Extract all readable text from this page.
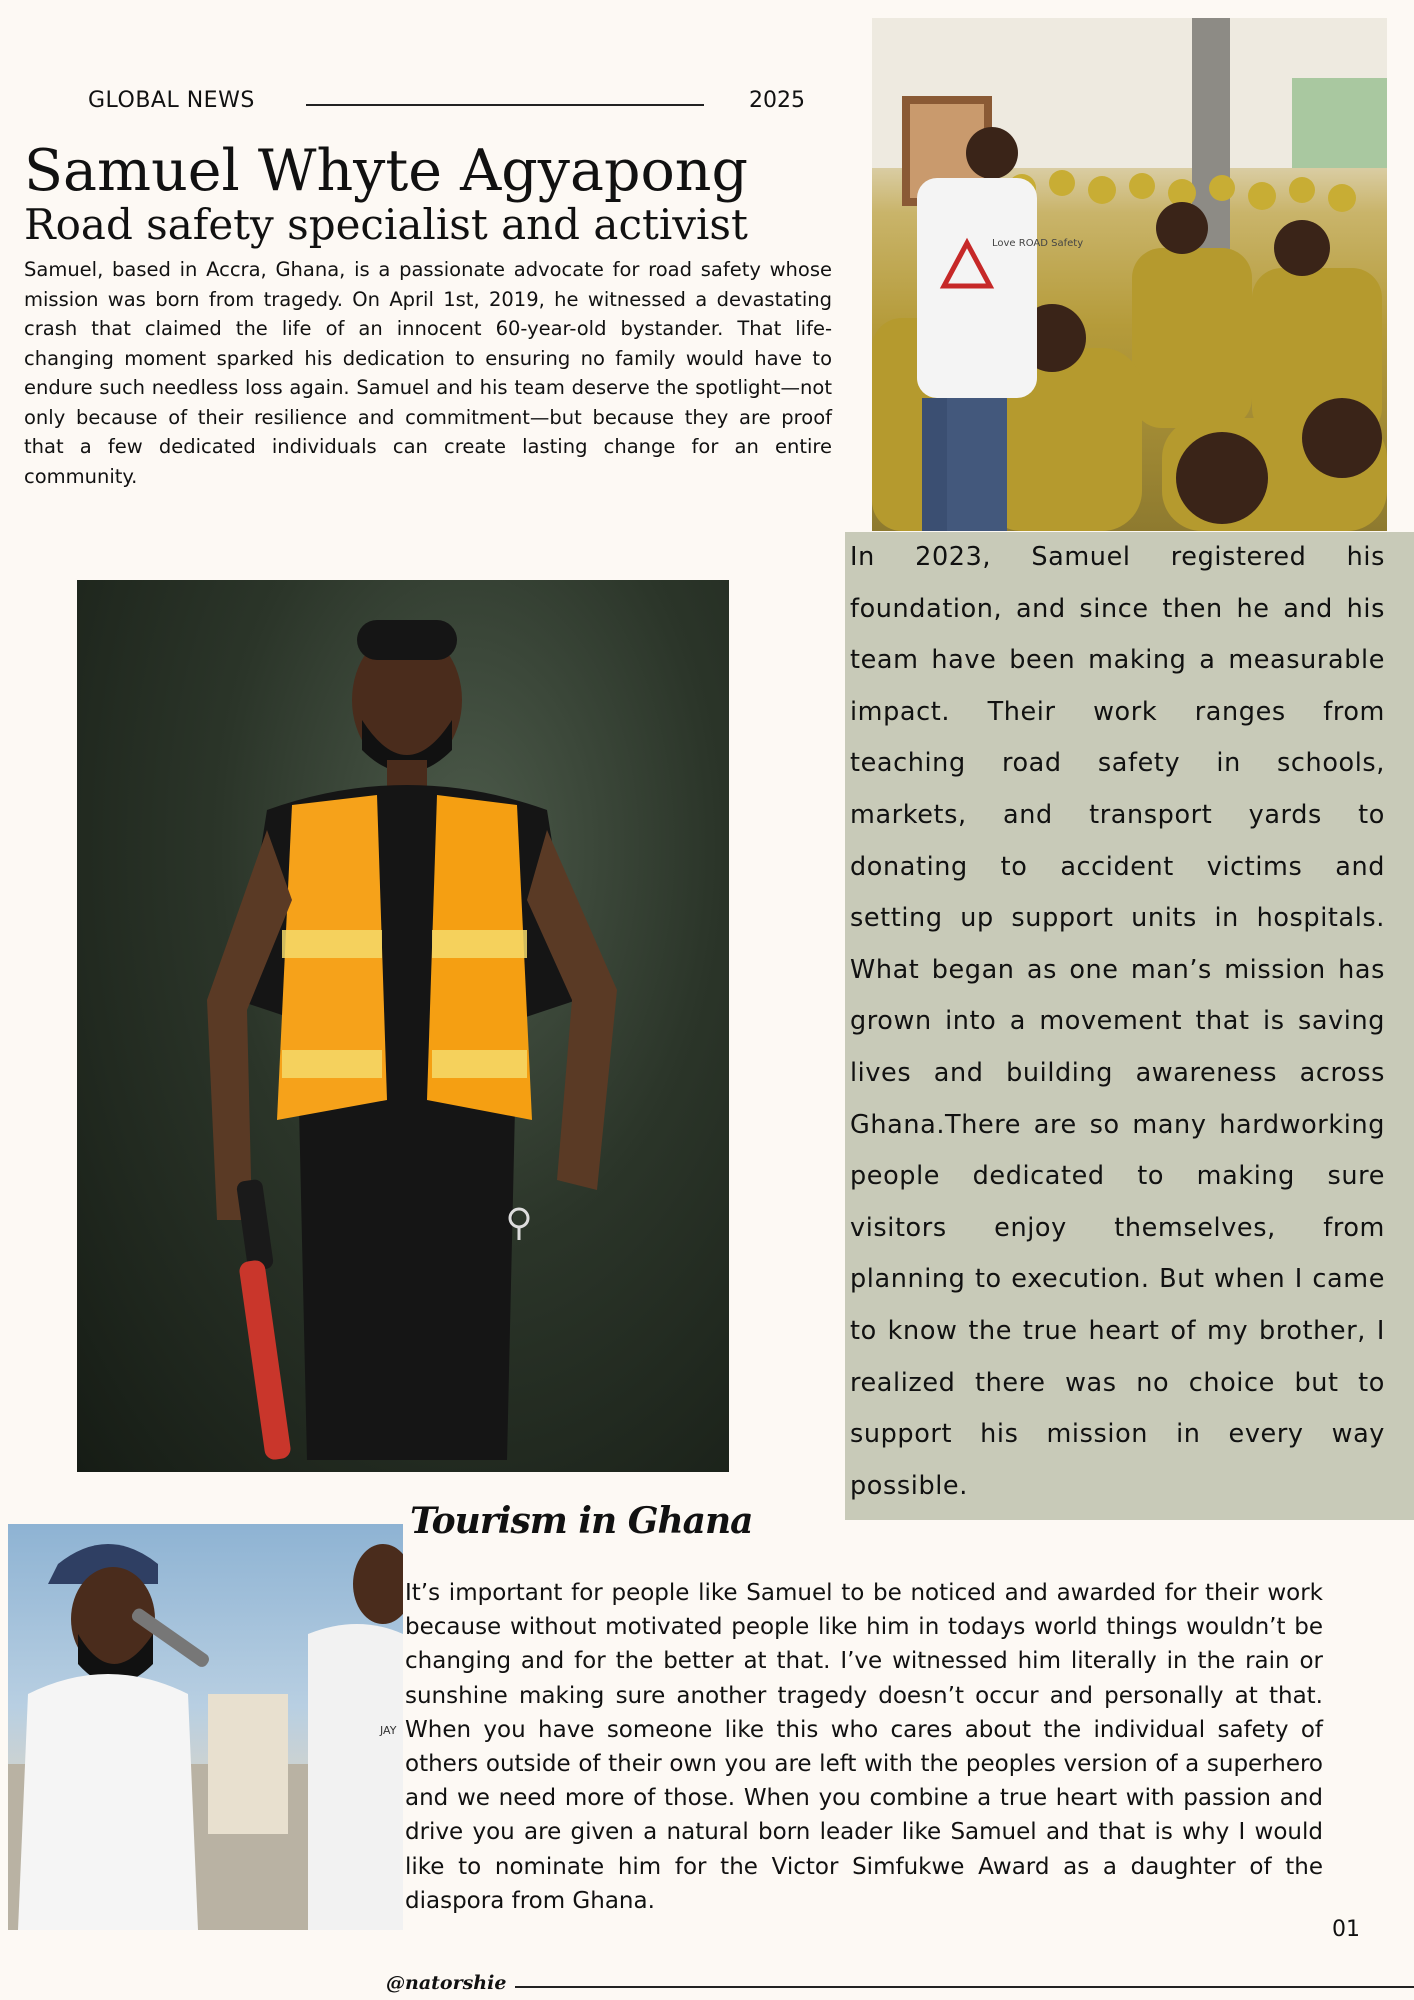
GLOBAL NEWS	2025
Samuel Whyte Agyapong
Road safety specialist and activist
Samuel, based in Accra, Ghana, is a passionate advocate for road safety whose mission was born from tragedy. On April 1st, 2019, he witnessed a devastating crash that claimed the life of an innocent 60-year-old bystander. That life-changing moment sparked his dedication to ensuring no family would have to endure such needless loss again. Samuel and his team deserve the spotlight—not only because of their resilience and commitment—but because they are proof that a few dedicated individuals can create lasting change for an entire community.
Love ROAD Safety
In 2023, Samuel registered his foundation, and since then he and his team have been making a measurable impact. Their work ranges from teaching road safety in schools, markets, and transport yards to donating to accident victims and setting up support units in hospitals. What began as one man’s mission has grown into a movement that is saving lives and building awareness across Ghana.There are so many hardworking people dedicated to making sure visitors enjoy themselves, from planning to execution. But when I came to know the true heart of my brother, I realized there was no choice but to support his mission in every way possible.
Tourism in Ghana
It’s important for people like Samuel to be noticed and awarded for their work because without motivated people like him in todays world things wouldn’t be changing and for the better at that. I’ve witnessed him literally in the rain or sunshine making sure another tragedy doesn’t occur and personally at that. When you have someone like this who cares about the individual safety of others outside of their own you are left with the peoples version of a superhero and we need more of those. When you combine a true heart with passion and drive you are given a natural born leader like Samuel and that is why I would like to nominate him for the Victor Simfukwe Award as a daughter of the diaspora from Ghana.
JAY
01
@natorshie
